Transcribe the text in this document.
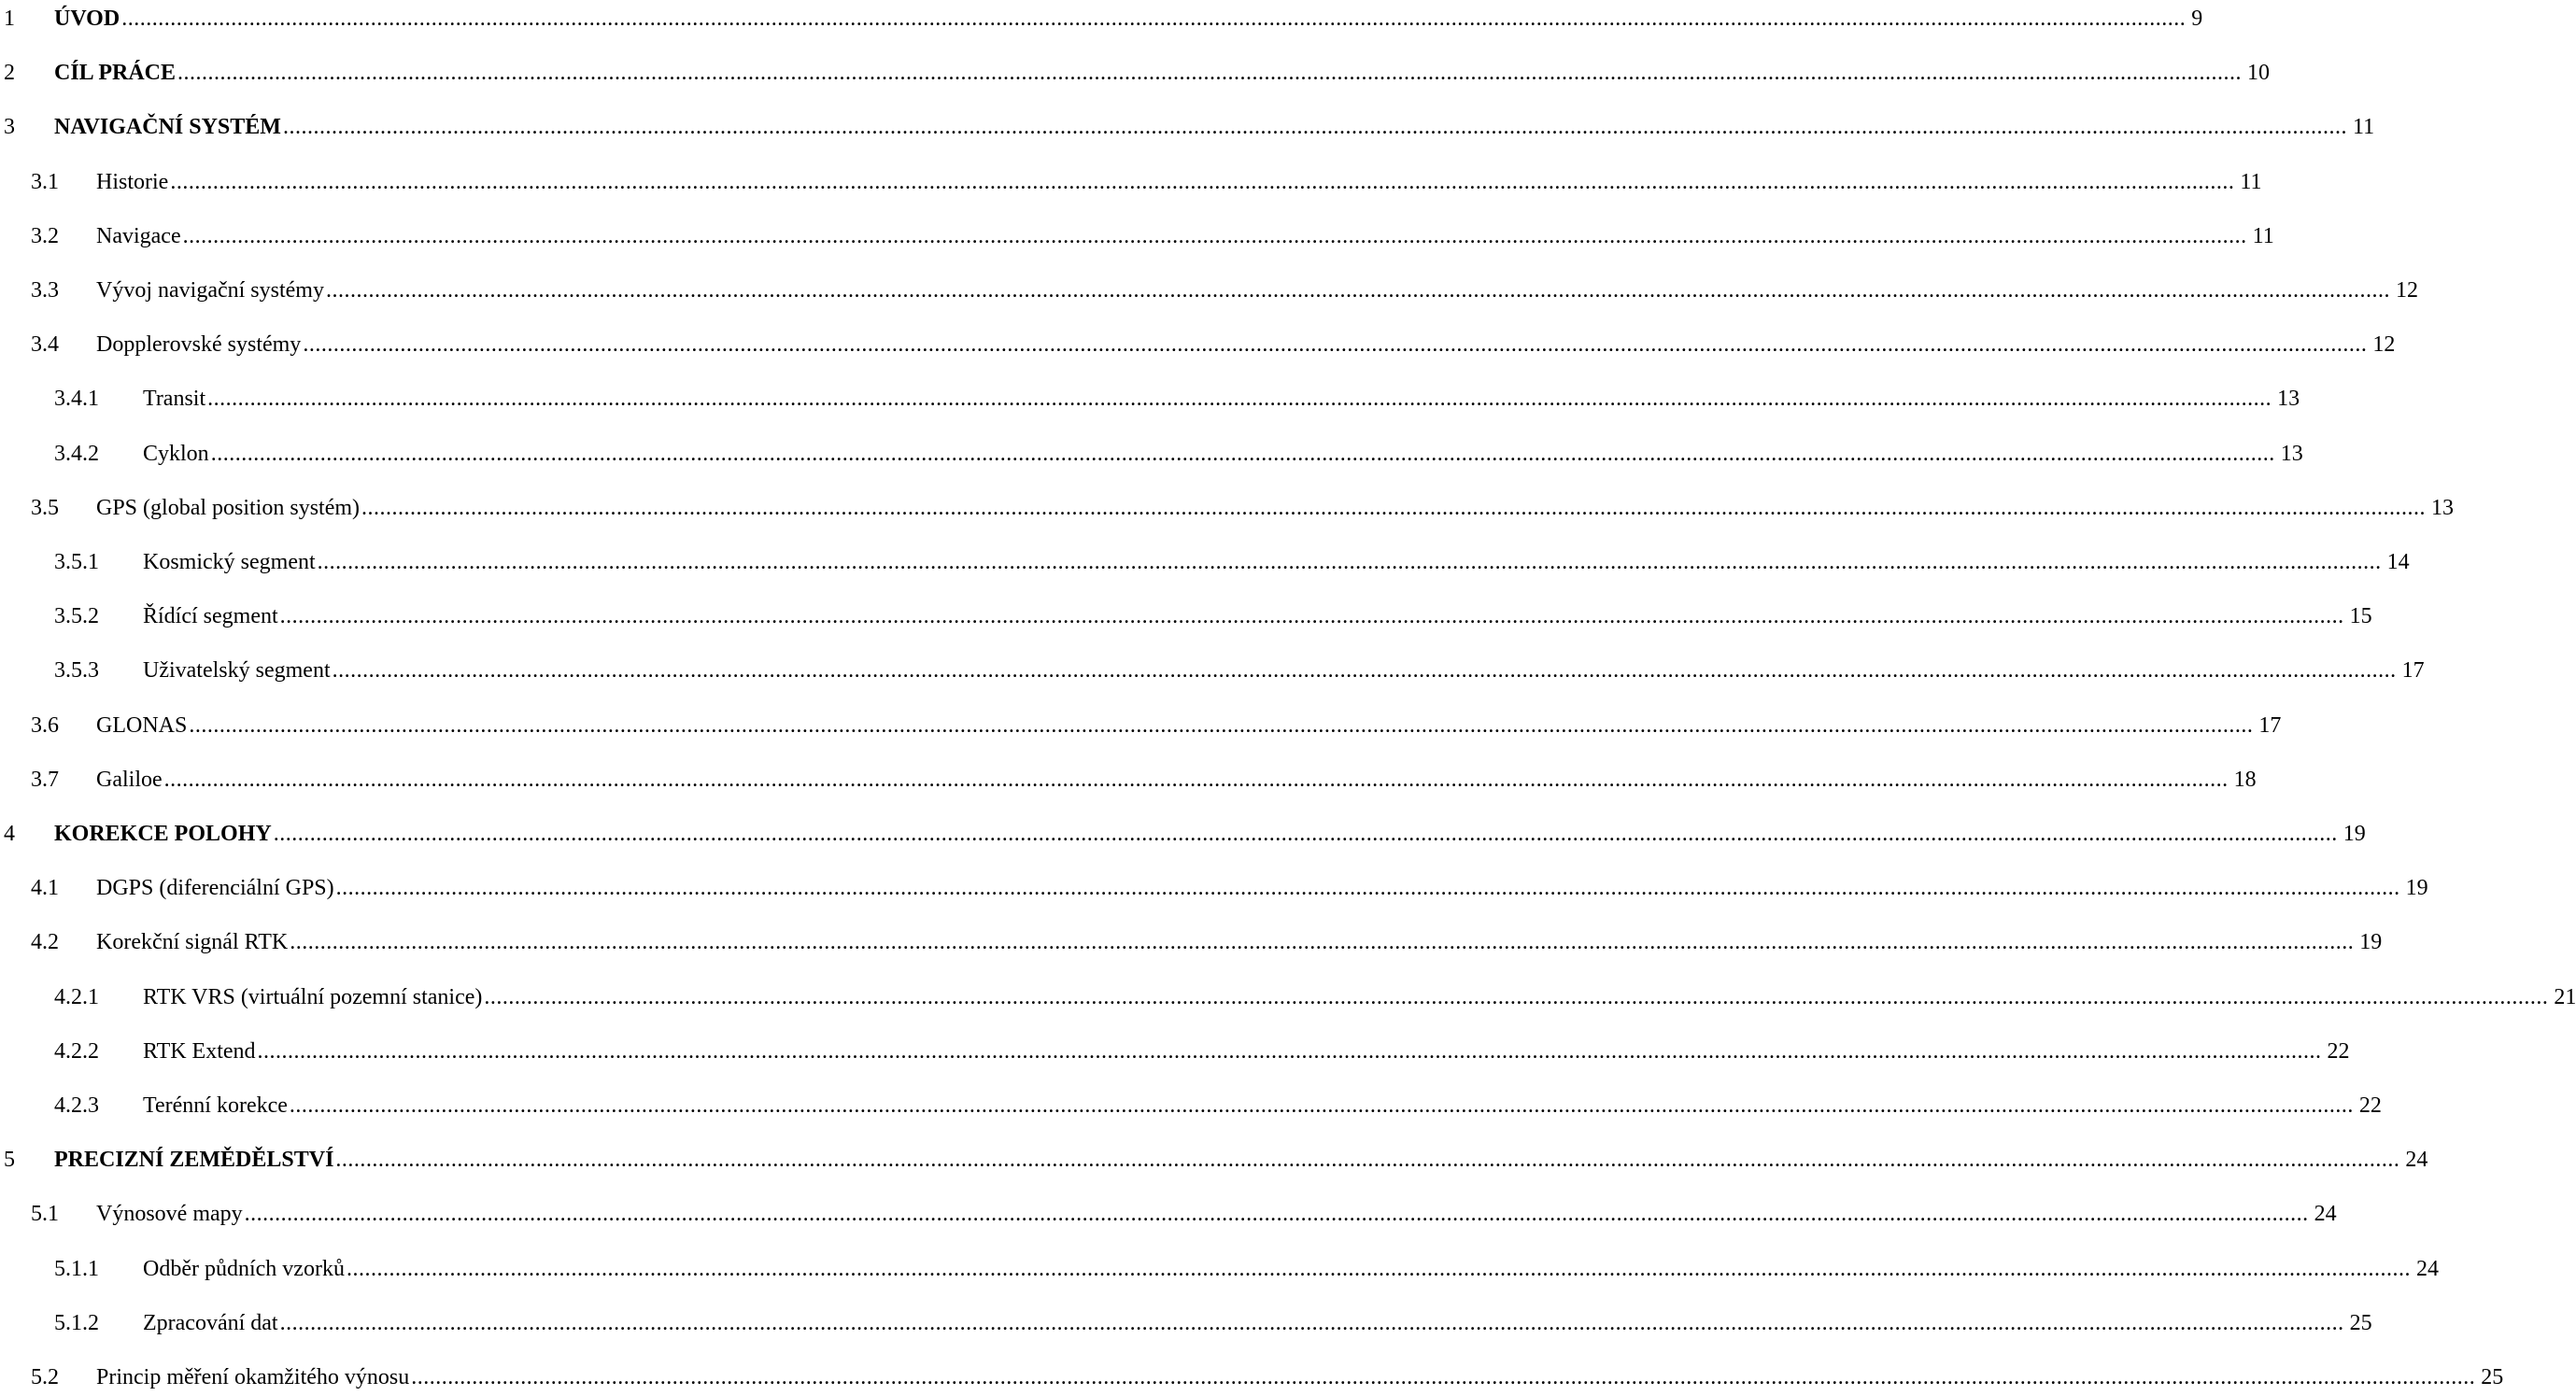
1 ÚVOD .................................................................................................................................................................................................................................................................................................................................................... 9
2 CÍL PRÁCE .................................................................................................................................................................................................................................................................................................................................................... 10
3 NAVIGAČNÍ SYSTÉM .................................................................................................................................................................................................................................................................................................................................................... 11
3.1 Historie .................................................................................................................................................................................................................................................................................................................................................... 11
3.2 Navigace .................................................................................................................................................................................................................................................................................................................................................... 11
3.3 Vývoj navigační systémy .................................................................................................................................................................................................................................................................................................................................................... 12
3.4 Dopplerovské systémy .................................................................................................................................................................................................................................................................................................................................................... 12
3.4.1 Transit .................................................................................................................................................................................................................................................................................................................................................... 13
3.4.2 Cyklon .................................................................................................................................................................................................................................................................................................................................................... 13
3.5 GPS (global position systém) .................................................................................................................................................................................................................................................................................................................................................... 13
3.5.1 Kosmický segment .................................................................................................................................................................................................................................................................................................................................................... 14
3.5.2 Řídící segment .................................................................................................................................................................................................................................................................................................................................................... 15
3.5.3 Uživatelský segment .................................................................................................................................................................................................................................................................................................................................................... 17
3.6 GLONAS .................................................................................................................................................................................................................................................................................................................................................... 17
3.7 Galiloe .................................................................................................................................................................................................................................................................................................................................................... 18
4 KOREKCE POLOHY .................................................................................................................................................................................................................................................................................................................................................... 19
4.1 DGPS (diferenciální GPS) .................................................................................................................................................................................................................................................................................................................................................... 19
4.2 Korekční signál RTK .................................................................................................................................................................................................................................................................................................................................................... 19
4.2.1 RTK VRS (virtuální pozemní stanice) .................................................................................................................................................................................................................................................................................................................................................... 21
4.2.2 RTK Extend .................................................................................................................................................................................................................................................................................................................................................... 22
4.2.3 Terénní korekce .................................................................................................................................................................................................................................................................................................................................................... 22
5 PRECIZNÍ ZEMĚDĚLSTVÍ .................................................................................................................................................................................................................................................................................................................................................... 24
5.1 Výnosové mapy .................................................................................................................................................................................................................................................................................................................................................... 24
5.1.1 Odběr půdních vzorků .................................................................................................................................................................................................................................................................................................................................................... 24
5.1.2 Zpracování dat .................................................................................................................................................................................................................................................................................................................................................... 25
5.2 Princip měření okamžitého výnosu .................................................................................................................................................................................................................................................................................................................................................... 25
